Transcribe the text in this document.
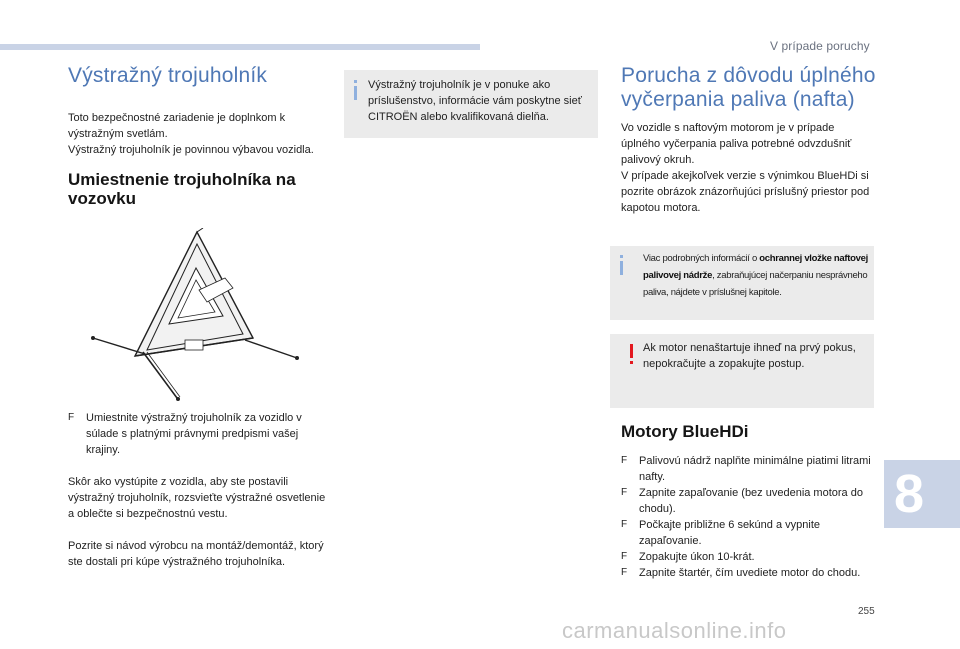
V prípade poruchy
Výstražný trojuholník
Toto bezpečnostné zariadenie je doplnkom k výstražným svetlám.
Výstražný trojuholník je povinnou výbavou vozidla.
Umiestnenie trojuholníka na vozovku
F Umiestnite výstražný trojuholník za vozidlo v súlade s platnými právnymi predpismi vašej krajiny.
Skôr ako vystúpite z vozidla, aby ste postavili výstražný trojuholník, rozsvieťte výstražné osvetlenie a oblečte si bezpečnostnú vestu.
Pozrite si návod výrobcu na montáž/demontáž, ktorý ste dostali pri kúpe výstražného trojuholníka.
Výstražný trojuholník je v ponuke ako príslušenstvo, informácie vám poskytne sieť CITROËN alebo kvalifikovaná dielňa.
Porucha z dôvodu úplného vyčerpania paliva (nafta)
Vo vozidle s naftovým motorom je v prípade úplného vyčerpania paliva potrebné odvzdušniť palivový okruh.
V prípade akejkoľvek verzie s výnimkou BlueHDi si pozrite obrázok znázorňujúci príslušný priestor pod kapotou motora.
Viac podrobných informácií o ochrannej vložke naftovej palivovej nádrže, zabraňujúcej načerpaniu nesprávneho paliva, nájdete v príslušnej kapitole.
Ak motor nenaštartuje ihneď na prvý pokus, nepokračujte a zopakujte postup.
Motory BlueHDi
F Palivovú nádrž naplňte minimálne piatimi litrami nafty.
F Zapnite zapaľovanie (bez uvedenia motora do chodu).
F Počkajte približne 6 sekúnd a vypnite zapaľovanie.
F Zopakujte úkon 10-krát.
F Zapnite štartér, čím uvediete motor do chodu.
8
255
carmanualsonline.info
